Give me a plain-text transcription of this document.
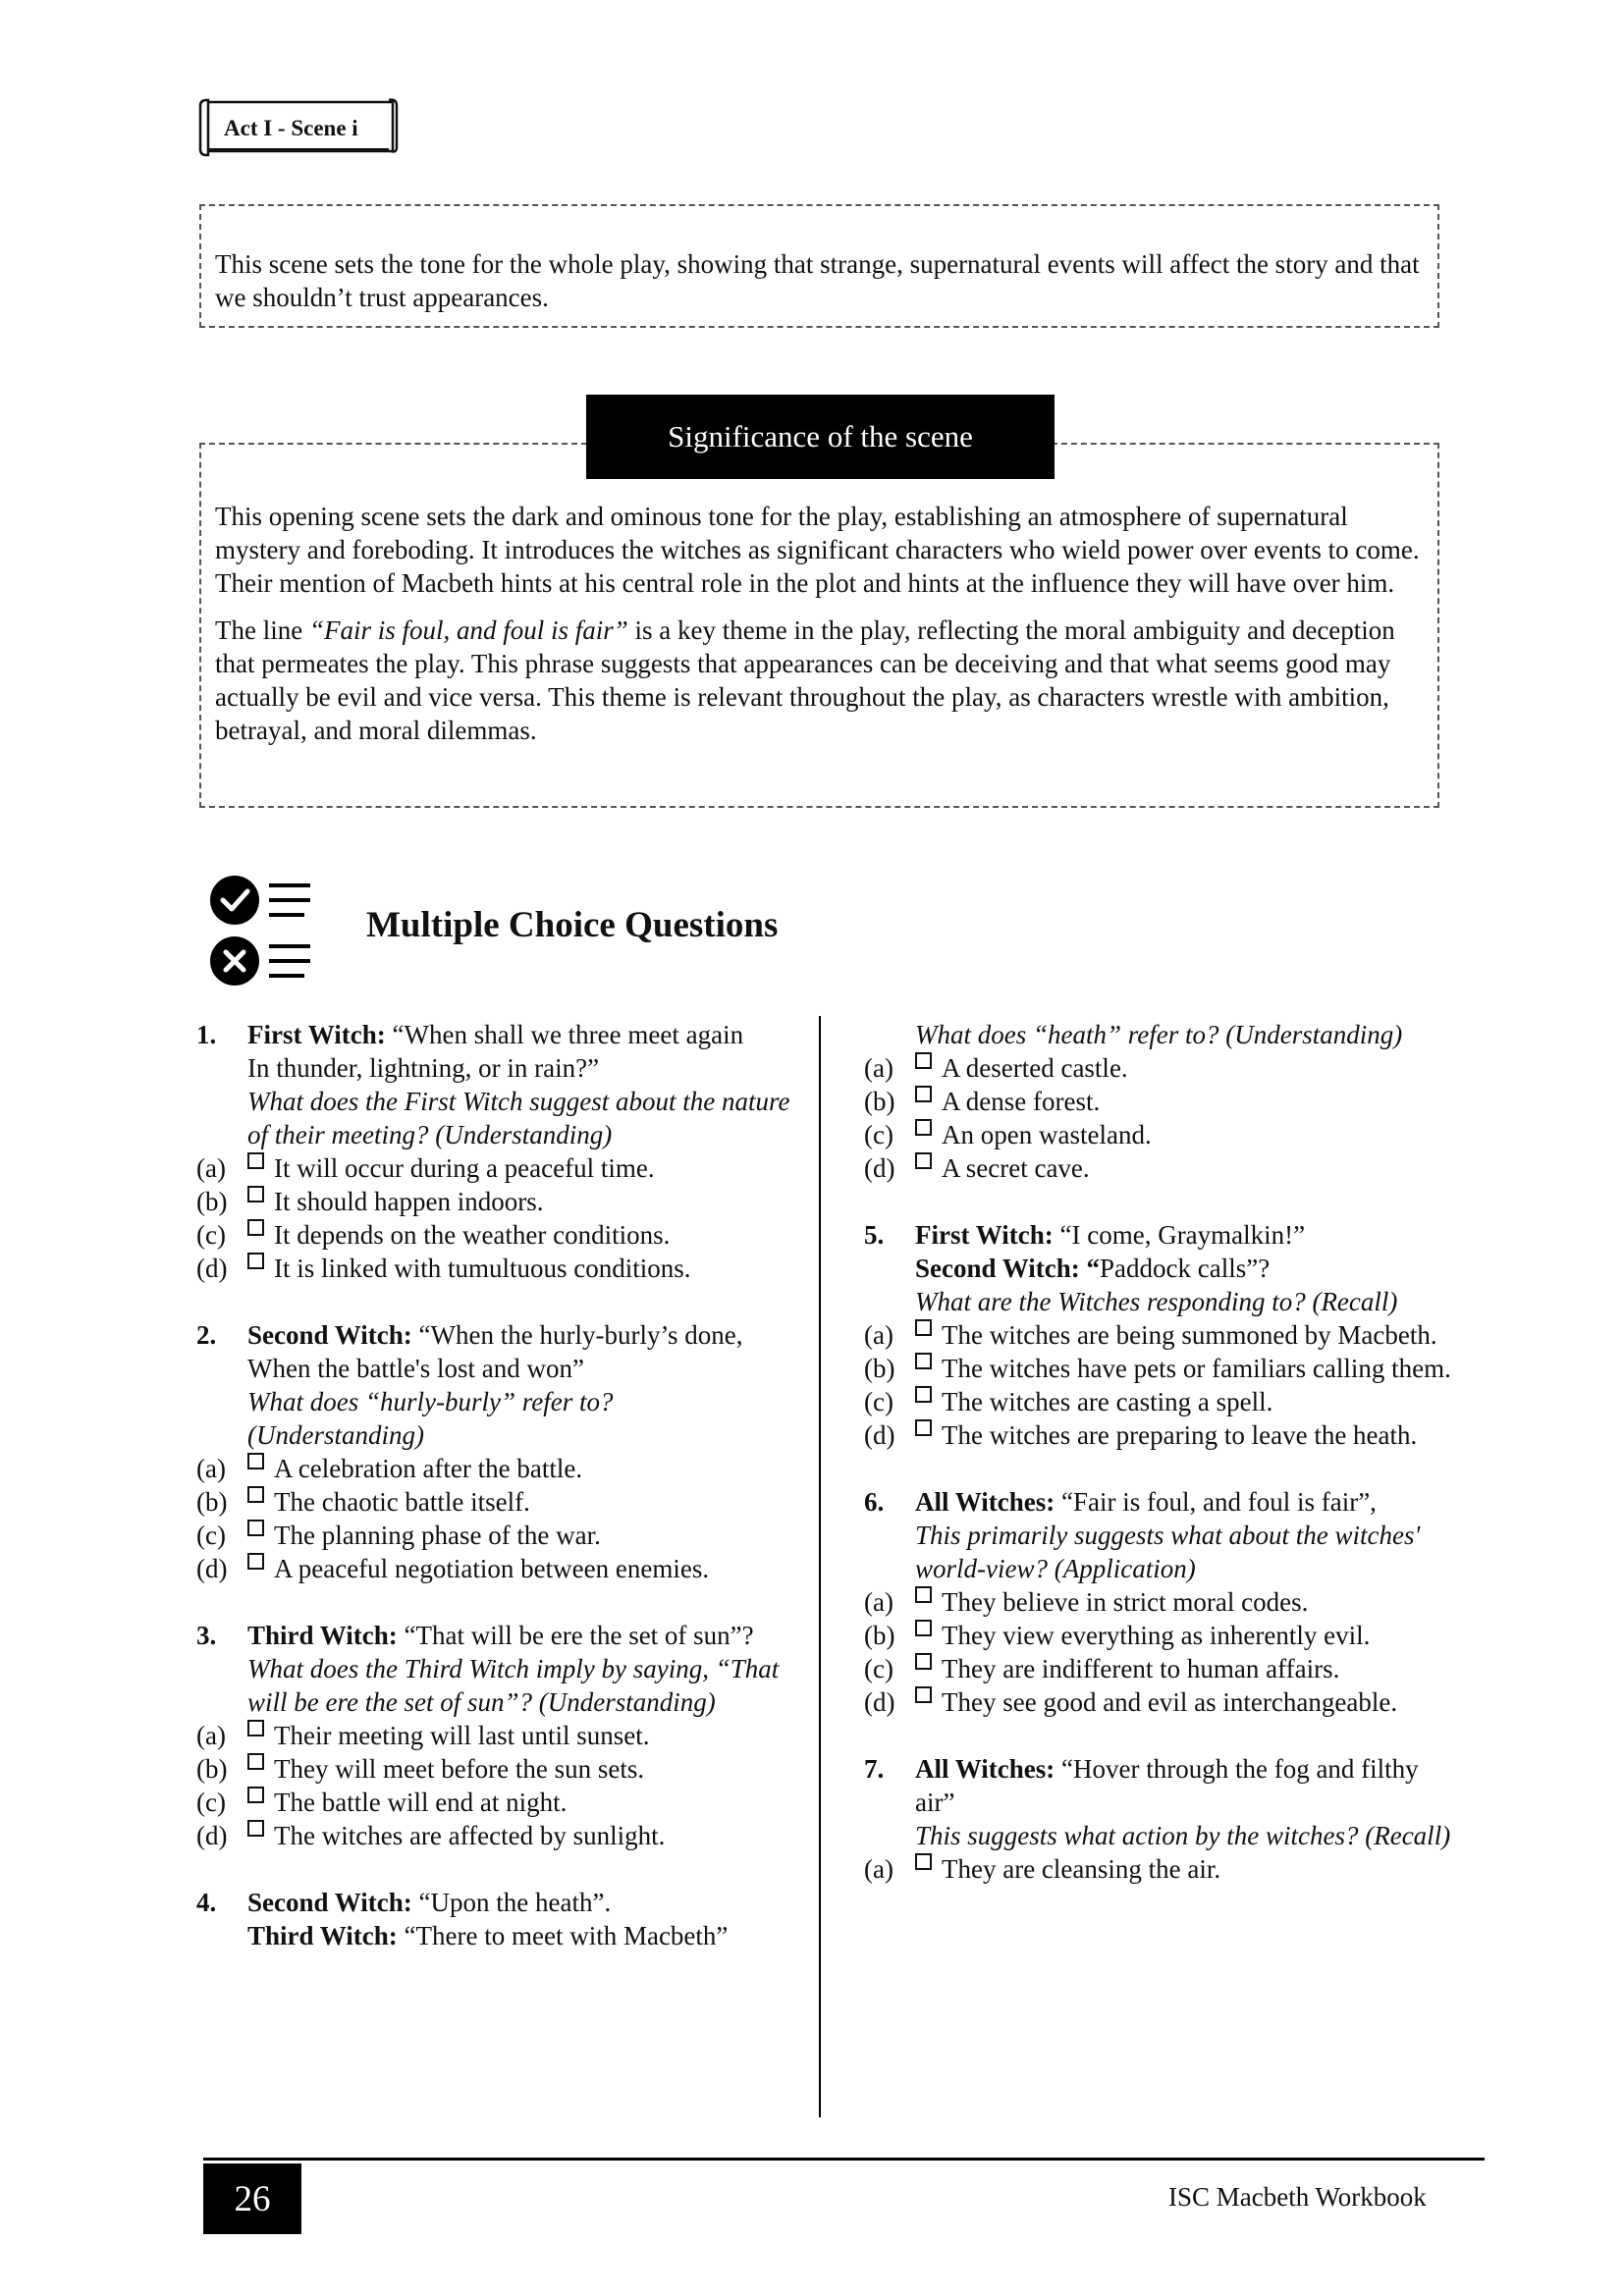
Act I - Scene i
This scene sets the tone for the whole play, showing that strange, supernatural events will affect the story and that we shouldn’t trust appearances.

This opening scene sets the dark and ominous tone for the play, establishing an atmosphere of supernatural mystery and foreboding. It introduces the witches as significant characters who wield power over events to come. Their mention of Macbeth hints at his central role in the plot and hints at the influence they will have over him.

The line “Fair is foul, and foul is fair” is a key theme in the play, reflecting the moral ambiguity and deception that permeates the play. This phrase suggests that appearances can be deceiving and that what seems good may actually be evil and vice versa. This theme is relevant throughout the play, as characters wrestle with ambition, betrayal, and moral dilemmas.

Significance of the scene
Multiple Choice Questions
1.	First Witch: “When shall we three meet again
In thunder, lightning, or in rain?”
What does the First Witch suggest about the nature of their meeting? (Understanding)
(a)	It will occur during a peaceful time.
(b)	It should happen indoors.
(c)	It depends on the weather conditions.
(d)	It is linked with tumultuous conditions.
2.	Second Witch: “When the hurly-burly’s done, When the battle's lost and won”
What does “hurly-burly” refer to? (Understanding)
(a)	A celebration after the battle.
(b)	The chaotic battle itself.
(c)	The planning phase of the war.
(d)	A peaceful negotiation between enemies.
3.	Third Witch: “That will be ere the set of sun”?
What does the Third Witch imply by saying, “That will be ere the set of sun”? (Understanding)
(a)	Their meeting will last until sunset.
(b)	They will meet before the sun sets.
(c)	The battle will end at night.
(d)	The witches are affected by sunlight.
4.	Second Witch: “Upon the heath”.
Third Witch: “There to meet with Macbeth”
What does “heath” refer to? (Understanding)
(a)	A deserted castle.
(b)	A dense forest.
(c)	An open wasteland.
(d)	A secret cave.
5.	First Witch: “I come, Graymalkin!”
Second Witch: “Paddock calls”?
What are the Witches responding to? (Recall)
(a)	The witches are being summoned by Macbeth.
(b)	The witches have pets or familiars calling them.
(c)	The witches are casting a spell.
(d)	The witches are preparing to leave the heath.
6.	All Witches: “Fair is foul, and foul is fair”,
This primarily suggests what about the witches' world-view? (Application)
(a)	They believe in strict moral codes.
(b)	They view everything as inherently evil.
(c)	They are indifferent to human affairs.
(d)	They see good and evil as interchangeable.
7.	All Witches: “Hover through the fog and filthy air”
This suggests what action by the witches? (Recall)
(a)	They are cleansing the air.
26	ISC Macbeth Workbook
